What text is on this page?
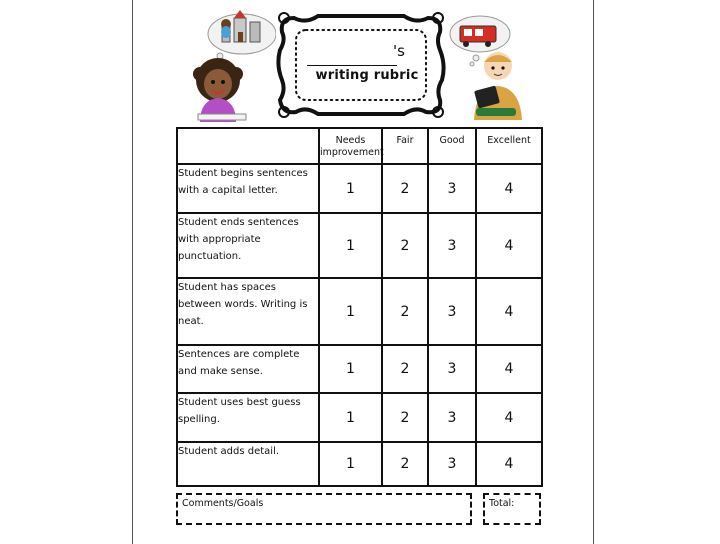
's
writing rubric
	Needs improvement	Fair	Good	Excellent
Student begins sentences with a capital letter.	1	2	3	4
Student ends sentences with appropriate punctuation.	1	2	3	4
Student has spaces between words. Writing is neat.	1	2	3	4
Sentences are complete and make sense.	1	2	3	4
Student uses best guess spelling.	1	2	3	4
Student adds detail.	1	2	3	4
Comments/Goals	Total:
